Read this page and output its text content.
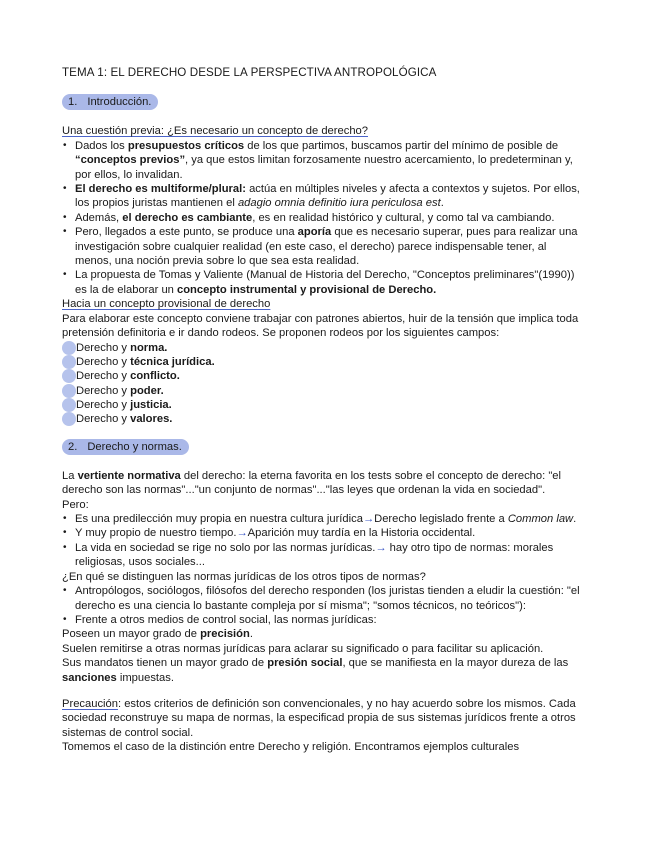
TEMA 1: EL DERECHO DESDE LA PERSPECTIVA ANTROPOLÓGICA
1. Introducción.
Una cuestión previa: ¿Es necesario un concepto de derecho?
• Dados los presupuestos críticos de los que partimos, buscamos partir del mínimo de posible de “conceptos previos”, ya que estos limitan forzosamente nuestro acercamiento, lo predeterminan y, por ellos, lo invalidan.
• El derecho es multiforme/plural: actúa en múltiples niveles y afecta a contextos y sujetos. Por ellos, los propios juristas mantienen el adagio omnia definitio iura periculosa est.
• Además, el derecho es cambiante, es en realidad histórico y cultural, y como tal va cambiando.
• Pero, llegados a este punto, se produce una aporía que es necesario superar, pues para realizar una investigación sobre cualquier realidad (en este caso, el derecho) parece indispensable tener, al menos, una noción previa sobre lo que sea esta realidad.
• La propuesta de Tomas y Valiente (Manual de Historia del Derecho, "Conceptos preliminares"(1990)) es la de elaborar un concepto instrumental y provisional de Derecho.
Hacia un concepto provisional de derecho
Para elaborar este concepto conviene trabajar con patrones abiertos, huir de la tensión que implica toda pretensión definitoria e ir dando rodeos. Se proponen rodeos por los siguientes campos:
Derecho y norma.
Derecho y técnica jurídica.
Derecho y conflicto.
Derecho y poder.
Derecho y justicia.
Derecho y valores.
2. Derecho y normas.
La vertiente normativa del derecho: la eterna favorita en los tests sobre el concepto de derecho: "el derecho son las normas"..."un conjunto de normas"..."las leyes que ordenan la vida en sociedad".
Pero:
• Es una predilección muy propia en nuestra cultura jurídica→Derecho legislado frente a Common law.
• Y muy propio de nuestro tiempo.→Aparición muy tardía en la Historia occidental.
• La vida en sociedad se rige no solo por las normas jurídicas.→ hay otro tipo de normas: morales religiosas, usos sociales...
¿En qué se distinguen las normas jurídicas de los otros tipos de normas?
• Antropólogos, sociólogos, filósofos del derecho responden (los juristas tienden a eludir la cuestión: "el derecho es una ciencia lo bastante compleja por sí misma"; "somos técnicos, no teóricos"):
• Frente a otros medios de control social, las normas jurídicas:
Poseen un mayor grado de precisión.
Suelen remitirse a otras normas jurídicas para aclarar su significado o para facilitar su aplicación.
Sus mandatos tienen un mayor grado de presión social, que se manifiesta en la mayor dureza de las sanciones impuestas.
Precaución: estos criterios de definición son convencionales, y no hay acuerdo sobre los mismos. Cada sociedad reconstruye su mapa de normas, la especificad propia de sus sistemas jurídicos frente a otros sistemas de control social.
Tomemos el caso de la distinción entre Derecho y religión. Encontramos ejemplos culturales
